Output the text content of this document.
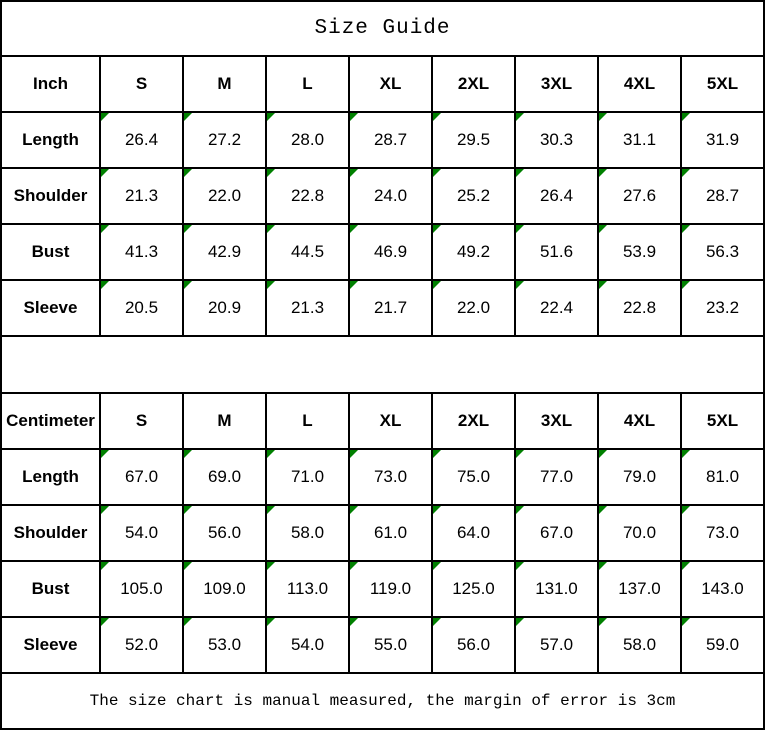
Size Guide								
Inch	S	M	L	XL	2XL	3XL	4XL	5XL
Length	26.4	27.2	28.0	28.7	29.5	30.3	31.1	31.9
Shoulder	21.3	22.0	22.8	24.0	25.2	26.4	27.6	28.7
Bust	41.3	42.9	44.5	46.9	49.2	51.6	53.9	56.3
Sleeve	20.5	20.9	21.3	21.7	22.0	22.4	22.8	23.2

Centimeter	S	M	L	XL	2XL	3XL	4XL	5XL
Length	67.0	69.0	71.0	73.0	75.0	77.0	79.0	81.0
Shoulder	54.0	56.0	58.0	61.0	64.0	67.0	70.0	73.0
Bust	105.0	109.0	113.0	119.0	125.0	131.0	137.0	143.0
Sleeve	52.0	53.0	54.0	55.0	56.0	57.0	58.0	59.0
The size chart is manual measured, the margin of error is 3cm								
